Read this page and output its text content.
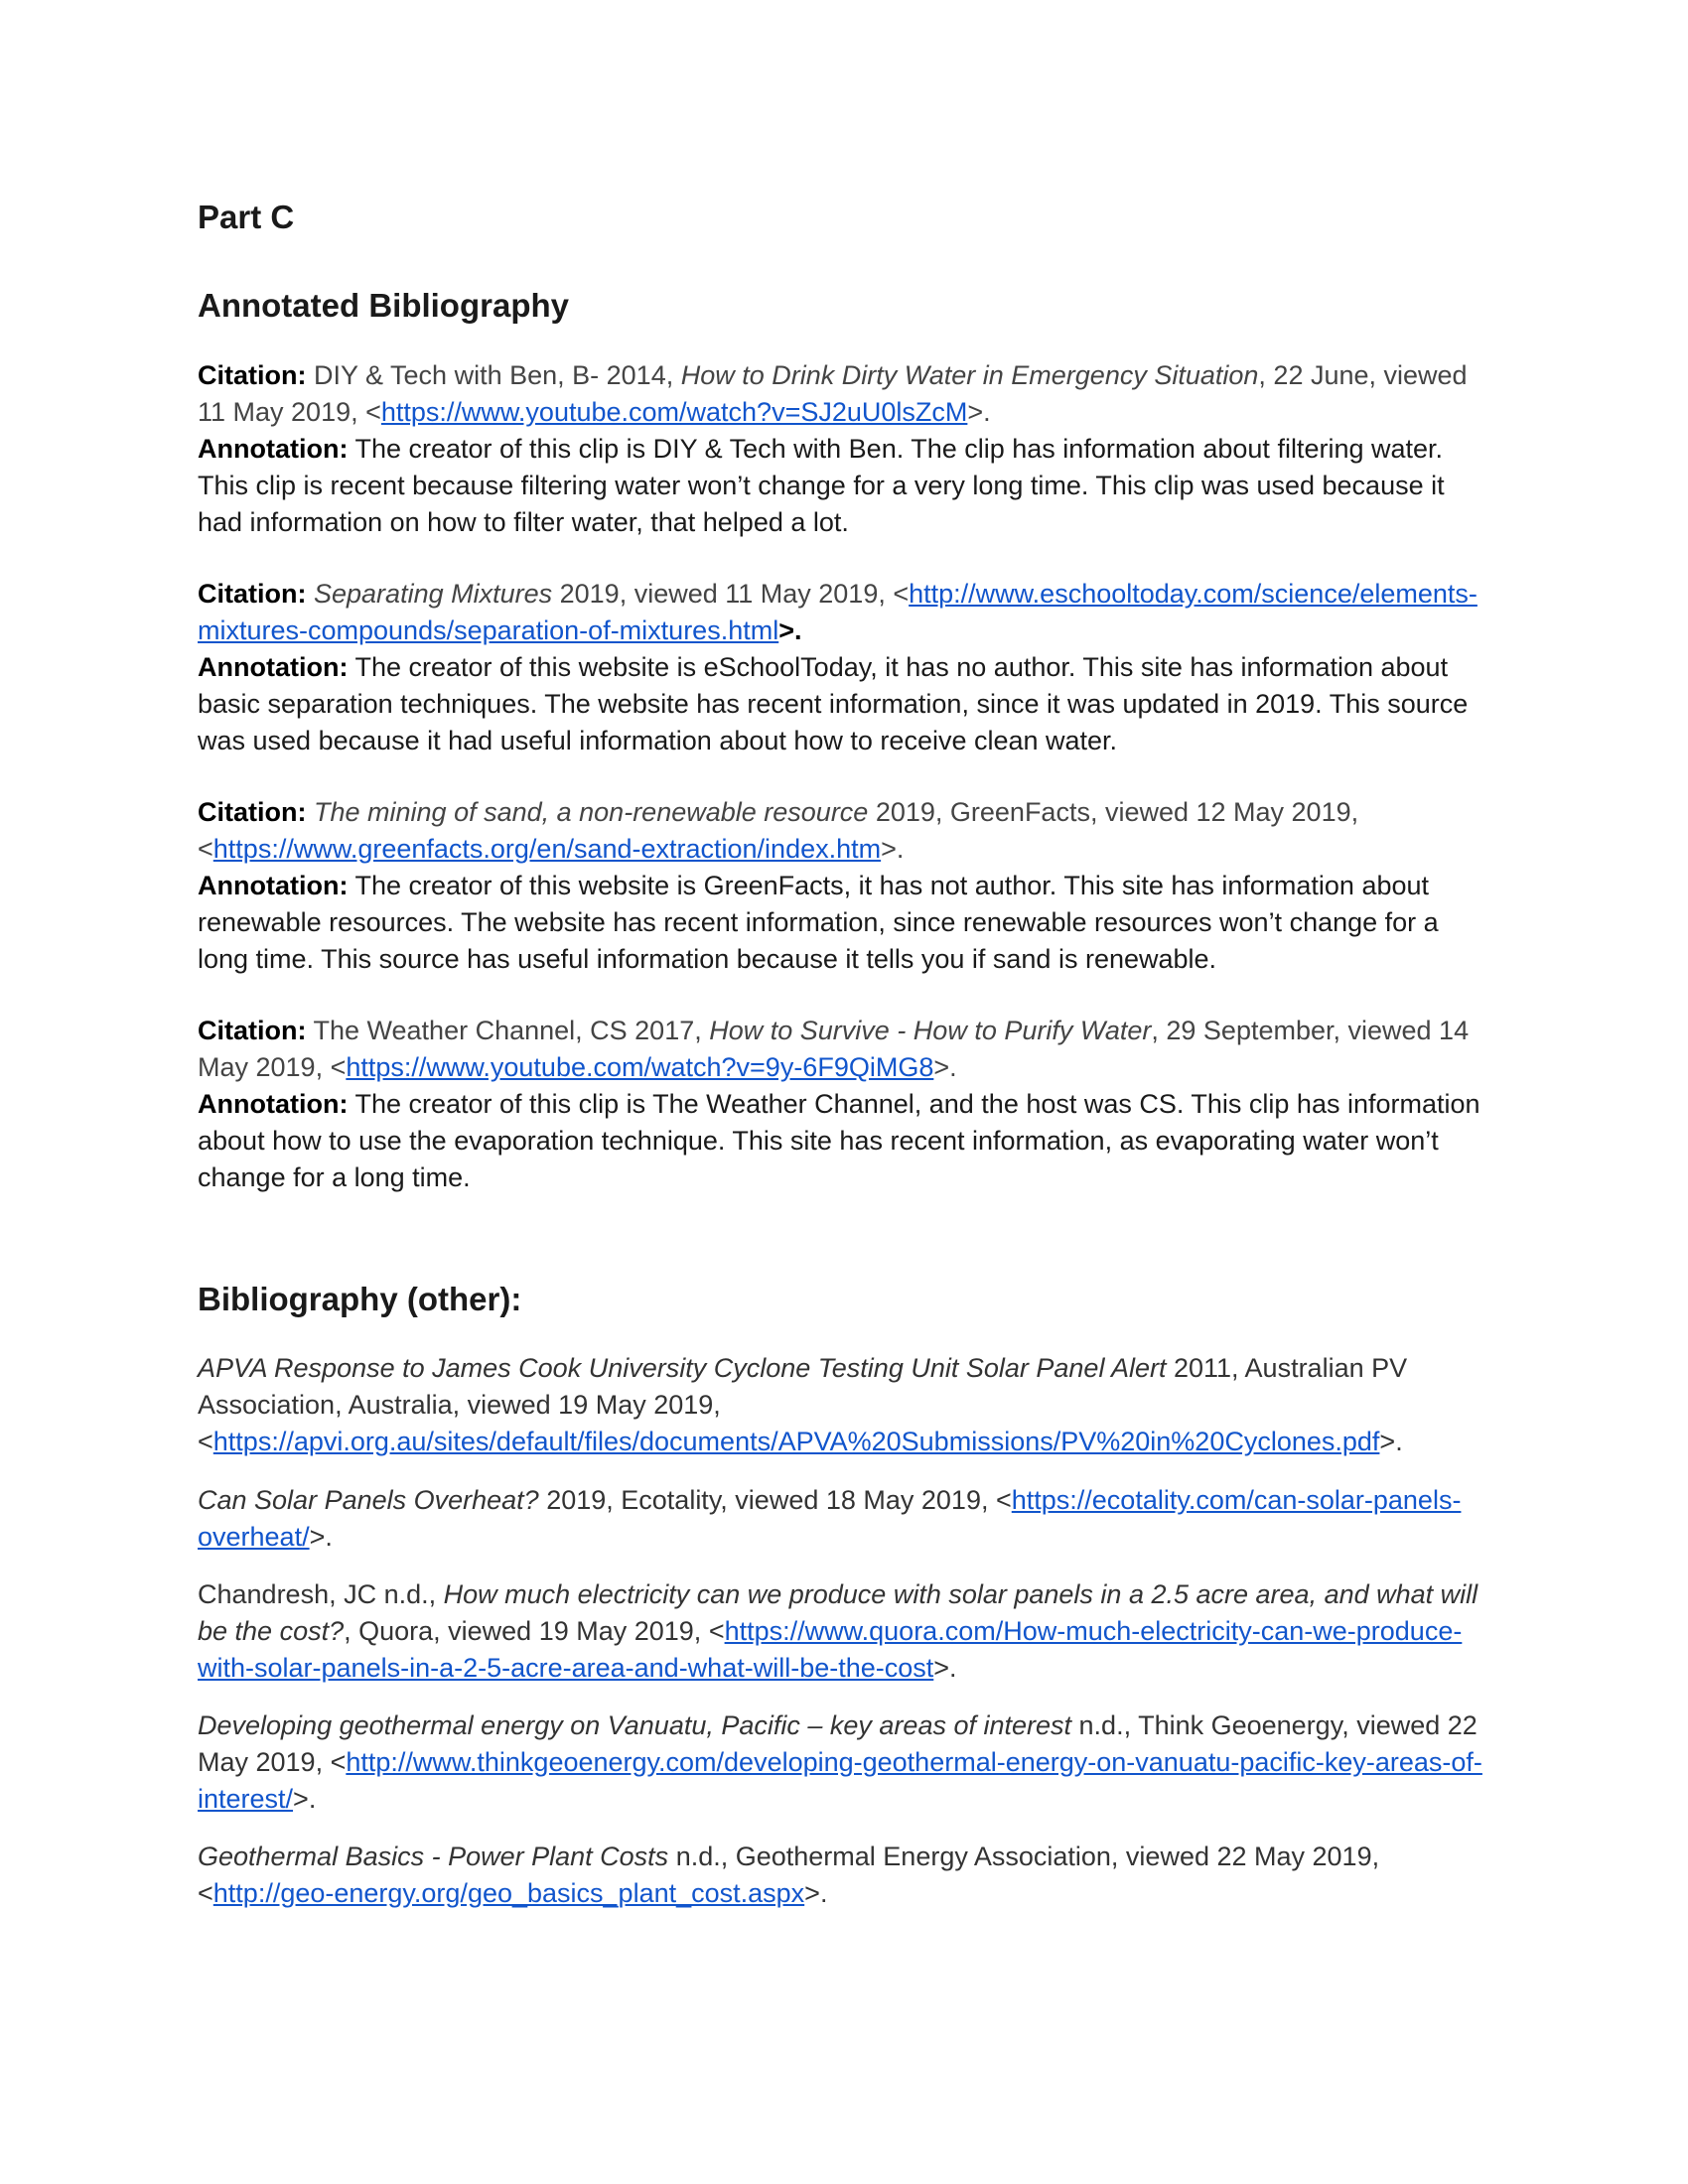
Part C
Annotated Bibliography

Citation: DIY & Tech with Ben, B- 2014, How to Drink Dirty Water in Emergency Situation, 22 June, viewed 11 May 2019, <https://www.youtube.com/watch?v=SJ2uU0lsZcM>.

Annotation: The creator of this clip is DIY & Tech with Ben. The clip has information about filtering water. This clip is recent because filtering water won’t change for a very long time. This clip was used because it had information on how to filter water, that helped a lot.

Citation: Separating Mixtures 2019, viewed 11 May 2019, <http://www.eschooltoday.com/science/elements-mixtures-compounds/separation-of-mixtures.html>.

Annotation: The creator of this website is eSchoolToday, it has no author. This site has information about basic separation techniques. The website has recent information, since it was updated in 2019. This source was used because it had useful information about how to receive clean water.

Citation: The mining of sand, a non-renewable resource 2019, GreenFacts, viewed 12 May 2019, <https://www.greenfacts.org/en/sand-extraction/index.htm>.

Annotation: The creator of this website is GreenFacts, it has not author. This site has information about renewable resources. The website has recent information, since renewable resources won’t change for a long time. This source has useful information because it tells you if sand is renewable.

Citation: The Weather Channel, CS 2017, How to Survive - How to Purify Water, 29 September, viewed 14 May 2019, <https://www.youtube.com/watch?v=9y-6F9QiMG8>.

Annotation: The creator of this clip is The Weather Channel, and the host was CS. This clip has information about how to use the evaporation technique. This site has recent information, as evaporating water won’t change for a long time.

Bibliography (other):

APVA Response to James Cook University Cyclone Testing Unit Solar Panel Alert 2011, Australian PV Association, Australia, viewed 19 May 2019, <https://apvi.org.au/sites/default/files/documents/APVA%20Submissions/PV%20in%20Cyclones.pdf>.

Can Solar Panels Overheat? 2019, Ecotality, viewed 18 May 2019, <https://ecotality.com/can-solar-panels-overheat/>.

Chandresh, JC n.d., How much electricity can we produce with solar panels in a 2.5 acre area, and what will be the cost?, Quora, viewed 19 May 2019, <https://www.quora.com/How-much-electricity-can-we-produce-with-solar-panels-in-a-2-5-acre-area-and-what-will-be-the-cost>.

Developing geothermal energy on Vanuatu, Pacific – key areas of interest n.d., Think Geoenergy, viewed 22 May 2019, <http://www.thinkgeoenergy.com/developing-geothermal-energy-on-vanuatu-pacific-key-areas-of-interest/>.

Geothermal Basics - Power Plant Costs n.d., Geothermal Energy Association, viewed 22 May 2019, <http://geo-energy.org/geo_basics_plant_cost.aspx>.
